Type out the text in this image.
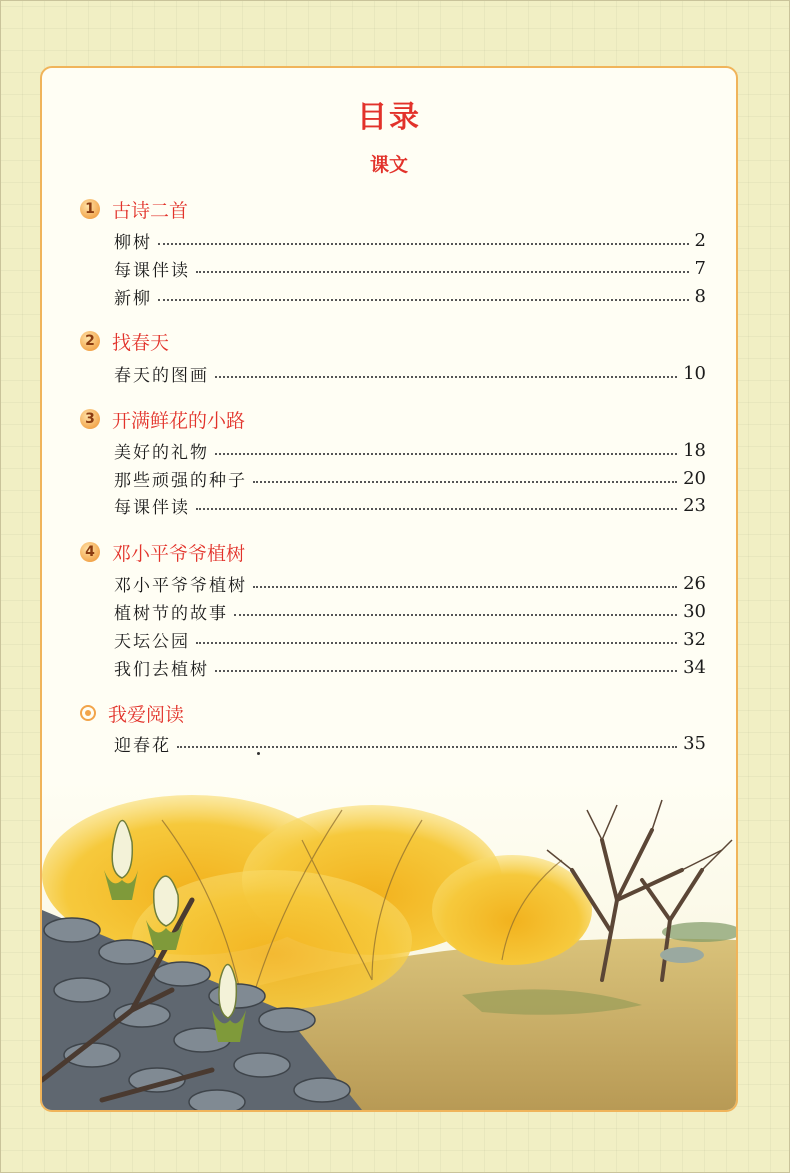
目录
课文
1 古诗二首
柳树	2
每课伴读	7
新柳	8
2 找春天
春天的图画	10
3 开满鲜花的小路
美好的礼物	18
那些顽强的种子	20
每课伴读	23
4 邓小平爷爷植树
邓小平爷爷植树	26
植树节的故事	30
天坛公园	32
我们去植树	34
我爱阅读
迎春花	35
